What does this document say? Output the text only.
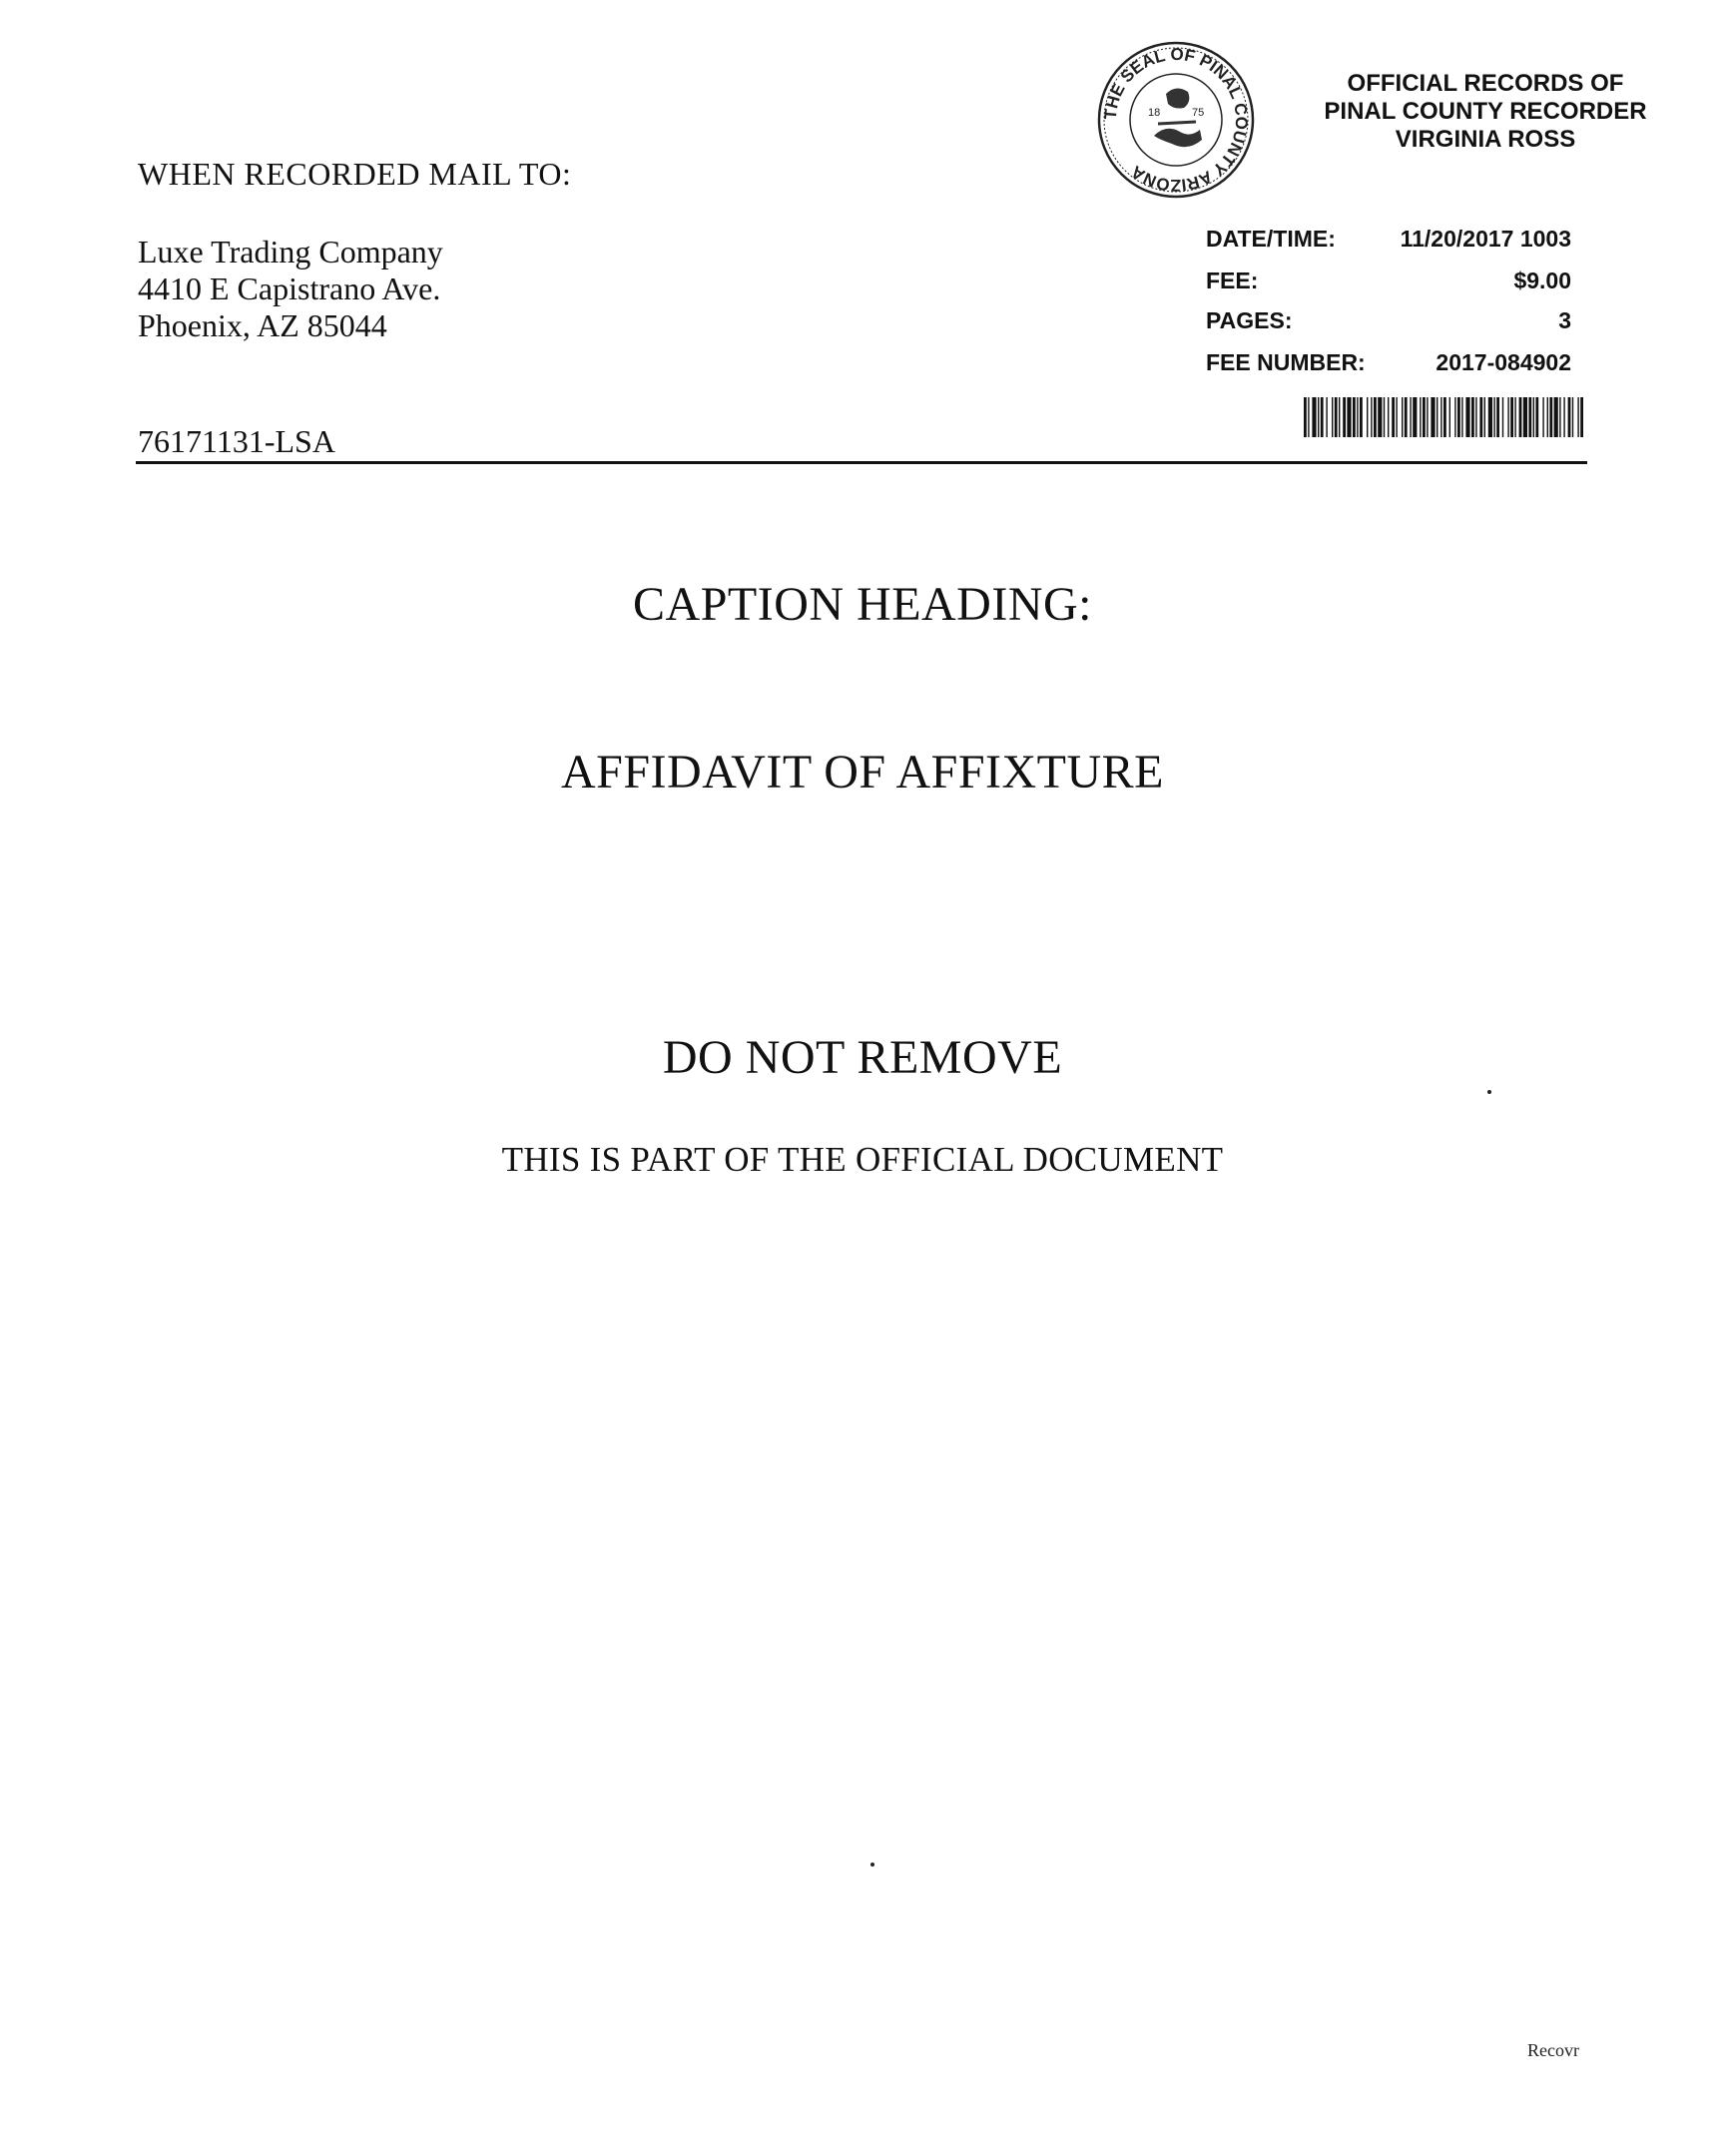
WHEN RECORDED MAIL TO:
Luxe Trading Company
4410 E Capistrano Ave.
Phoenix, AZ 85044
76171131-LSA
THE SEAL OF PINAL COUNTY ARIZONA
18	75
OFFICIAL RECORDS OF
PINAL COUNTY RECORDER
VIRGINIA ROSS
DATE/TIME:	11/20/2017 1003
FEE:	$9.00
PAGES:	3
FEE NUMBER:	2017-084902
CAPTION HEADING:
AFFIDAVIT OF AFFIXTURE
DO NOT REMOVE
THIS IS PART OF THE OFFICIAL DOCUMENT
Recovr
